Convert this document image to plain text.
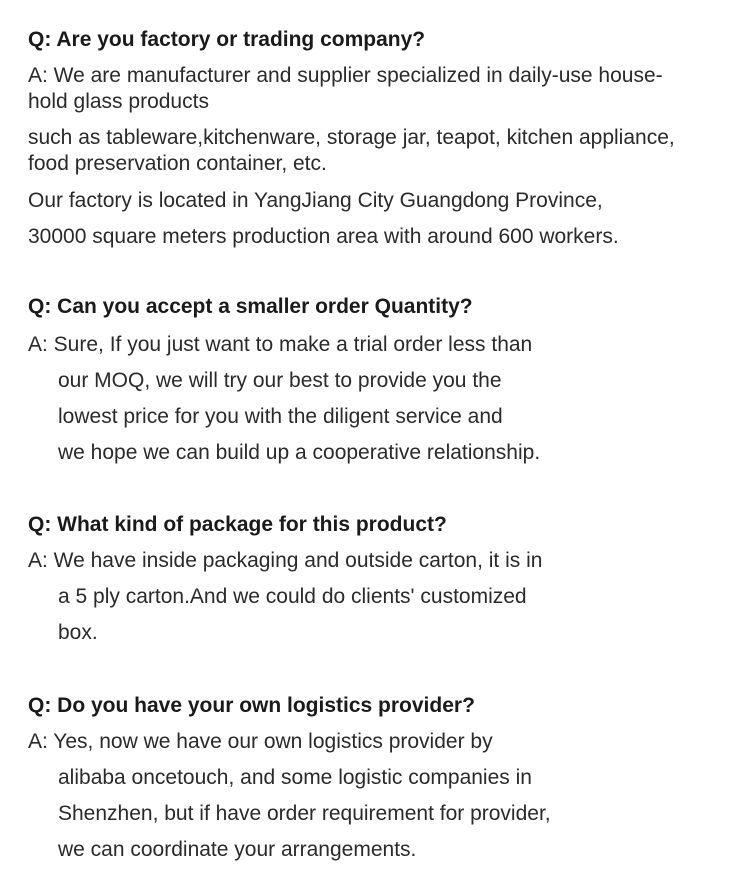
Q: Are you factory or trading company?
A: We are manufacturer and supplier specialized in daily-use house-
hold glass products
such as tableware,kitchenware, storage jar, teapot, kitchen appliance,
food preservation container, etc.
Our factory is located in YangJiang City Guangdong Province,
30000 square meters production area with around 600 workers.
Q: Can you accept a smaller order Quantity?
A: Sure, If you just want to make a trial order less than
our MOQ, we will try our best to provide you the
lowest price for you with the diligent service and
we hope we can build up a cooperative relationship.
Q: What kind of package for this product?
A: We have inside packaging and outside carton, it is in
a 5 ply carton.And we could do clients' customized
box.
Q: Do you have your own logistics provider?
A: Yes, now we have our own logistics provider by
alibaba oncetouch, and some logistic companies in
Shenzhen, but if have order requirement for provider,
we can coordinate your arrangements.
